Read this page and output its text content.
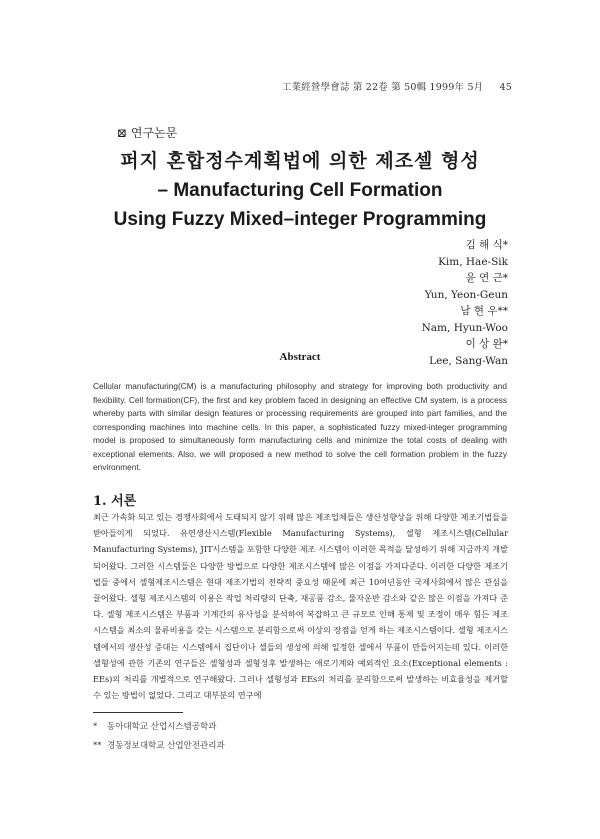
工業經營學會誌 第 22卷 第 50輯 1999年 5月 45
⊠ 연구논문
퍼지 혼합정수계획법에 의한 제조셀 형성
– Manufacturing Cell Formation
Using Fuzzy Mixed–integer Programming
김 해 식*
Kim, Hae-Sik
윤 연 근*
Yun, Yeon-Geun
남 현 우**
Nam, Hyun-Woo
이 상 완*
Lee, Sang-Wan
Abstract
Cellular manufacturing(CM) is a manufacturing philosophy and strategy for improving both productivity and flexibility. Cell formation(CF), the first and key problem faced in designing an effective CM system, is a process whereby parts with similar design features or processing requirements are grouped into part families, and the corresponding machines into machine cells. In this paper, a sophisticated fuzzy mixed-integer programming model is proposed to simultaneously form manufacturing cells and minimize the total costs of dealing with exceptional elements. Also, we will proposed a new method to solve the cell formation problem in the fuzzy environment.
1. 서론
최근 가속화 되고 있는 경쟁사회에서 도태되지 않기 위해 많은 제조업체들은 생산성향상을 위해 다양한 제조기법들을 받아들이게 되었다. 유연생산시스템(Flexible Manufacturing Systems), 셀형 제조시스템(Cellular Manufacturing Systems), JIT시스템을 포함한 다양한 제조 시스템이 이러한 목적을 달성하기 위해 지금까지 개발되어왔다. 그러한 시스템들은 다양한 방법으로 다양한 제조시스템에 많은 이점을 가져다준다. 이러한 다양한 제조기법들 중에서 셀형제조시스템은 현대 제조기법의 전략적 중요성 때문에 최근 10여년동안 국제사회에서 많은 관심을 끌어왔다. 셀형 제조시스템의 이용은 작업 처리량의 단축, 재공품 감소, 물자운반 감소와 같은 많은 이점을 가져다 준다. 셀형 제조시스템은 부품과 기계간의 유사성을 분석하여 복잡하고 큰 규모로 인해 통제 및 조정이 매우 힘든 제조시스템을 최소의 물류비용을 갖는 시스템으로 분리함으로써 이상의 장점을 얻게 하는 제조시스템이다. 셀형 제조시스템에서의 생산성 증대는 시스템에서 집단이나 셀들의 생성에 의해 일정한 셀에서 부품이 만들어지는데 있다. 이러한 셀형성에 관한 기존의 연구들은 셀형성과 셀형성후 발생하는 애로기계와 예외적인 요소(Exceptional elements : EEs)의 처리를 개별적으로 연구해왔다. 그러나 셀형성과 EEs의 처리를 분리함으로써 발생하는 비효율성을 제거할 수 있는 방법이 없었다. 그리고 대부분의 연구에
* 동아대학교 산업시스템공학과
** 경동정보대학교 산업안전관리과
